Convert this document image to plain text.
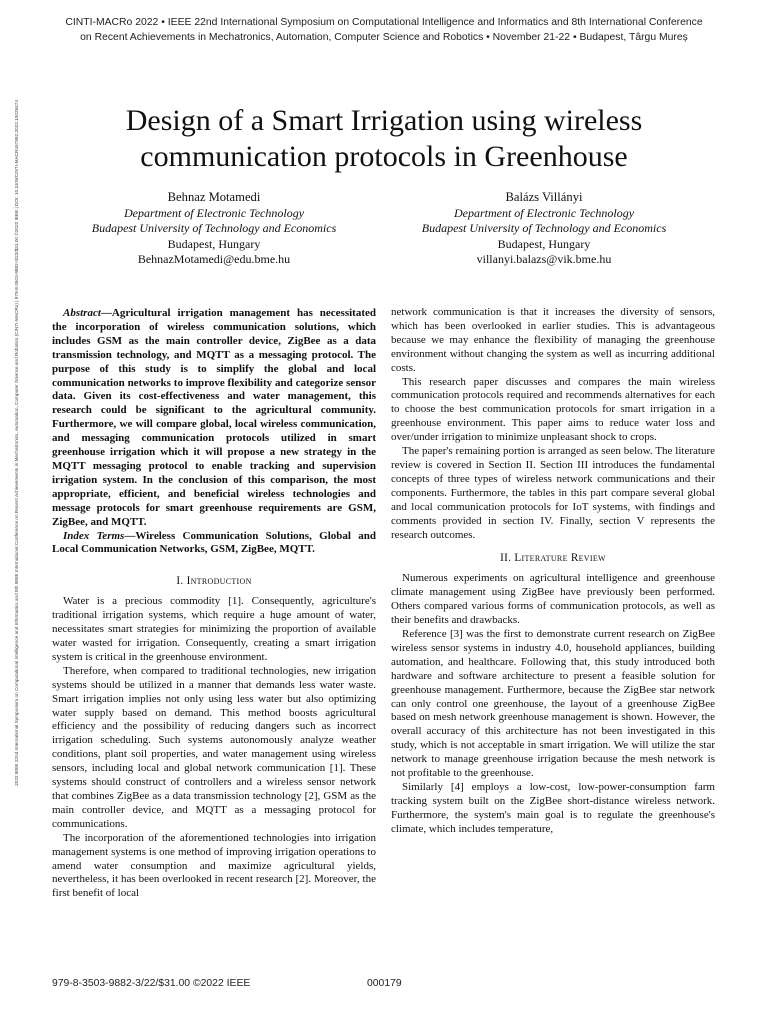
CINTI-MACRo 2022 • IEEE 22nd International Symposium on Computational Intelligence and Informatics and 8th International Conference
on Recent Achievements in Mechatronics, Automation, Computer Science and Robotics • November 21-22 • Budapest, Târgu Mureș
2022 IEEE 22nd International Symposium on Computational Intelligence and Informatics and 8th IEEE International Conference on Recent Achievements in Mechatronics, Automation, Computer Science and Robotics (CINTI-MACRo) | 979-8-3503-9882-3/22/$31.00 ©2022 IEEE | DOI: 10.1109/CINTI-MACRo57952.2022.10029474	Design of a Smart Irrigation using wireless communication protocols in Greenhouse
Behnaz Motamedi
Department of Electronic Technology
Budapest University of Technology and Economics
Budapest, Hungary
BehnazMotamedi@edu.bme.hu
Balázs Villányi
Department of Electronic Technology
Budapest University of Technology and Economics
Budapest, Hungary
villanyi.balazs@vik.bme.hu

Abstract—Agricultural irrigation management has necessitated the incorporation of wireless communication solutions, which includes GSM as the main controller device, ZigBee as a data transmission technology, and MQTT as a messaging protocol. The purpose of this study is to simplify the global and local communication networks to improve flexibility and categorize sensor data. Given its cost-effectiveness and water management, this research could be significant to the agricultural community. Furthermore, we will compare global, local wireless communication, and messaging communication protocols utilized in smart greenhouse irrigation which it will propose a new strategy in the MQTT messaging protocol to enable tracking and supervision irrigation system. In the conclusion of this comparison, the most appropriate, efficient, and beneficial wireless technologies and message protocols for smart greenhouse requirements are GSM, ZigBee, and MQTT.

Index Terms—Wireless Communication Solutions, Global and Local Communication Networks, GSM, ZigBee, MQTT.

I. Introduction

Water is a precious commodity [1]. Consequently, agriculture's traditional irrigation systems, which require a huge amount of water, necessitates smart strategies for minimizing the proportion of available water wasted for irrigation. Consequently, creating a smart irrigation system is critical in the greenhouse environment.

Therefore, when compared to traditional technologies, new irrigation systems should be utilized in a manner that demands less water waste. Smart irrigation implies not only using less water but also optimizing water supply based on demand. This method boosts agricultural efficiency and the possibility of reducing dangers such as incorrect irrigation scheduling. Such systems autonomously analyze weather conditions, plant soil properties, and water management using wireless sensors, including local and global network communication [1]. These systems should construct of controllers and a wireless sensor network that combines ZigBee as a data transmission technology [2], GSM as the main controller device, and MQTT as a messaging protocol for communications.

The incorporation of the aforementioned technologies into irrigation management systems is one method of improving irrigation operations to amend water consumption and maximize agricultural yields, nevertheless, it has been overlooked in recent research [2]. Moreover, the first benefit of local

network communication is that it increases the diversity of sensors, which has been overlooked in earlier studies. This is advantageous because we may enhance the flexibility of managing the greenhouse environment without changing the system as well as incurring additional costs.

This research paper discusses and compares the main wireless communication protocols required and recommends alternatives for each to choose the best communication protocols for smart irrigation in a greenhouse environment. This paper aims to reduce water loss and over/under irrigation to minimize unpleasant shock to crops.

The paper's remaining portion is arranged as seen below. The literature review is covered in Section II. Section III introduces the fundamental concepts of three types of wireless network communications and their components. Furthermore, the tables in this part compare several global and local communication protocols for IoT systems, with findings and comments provided in section IV. Finally, section V represents the research outcomes.

II. Literature Review

Numerous experiments on agricultural intelligence and greenhouse climate management using ZigBee have previously been performed. Others compared various forms of communication protocols, as well as their benefits and drawbacks.

Reference [3] was the first to demonstrate current research on ZigBee wireless sensor systems in industry 4.0, household appliances, building automation, and healthcare. Following that, this study introduced both hardware and software architecture to present a feasible solution for greenhouse management. Furthermore, because the ZigBee star network can only control one greenhouse, the layout of a greenhouse ZigBee based on mesh network greenhouse management is shown. However, the overall accuracy of this architecture has not been investigated in this study, which is not acceptable in smart irrigation. We will utilize the star network to manage greenhouse irrigation because the mesh network is not profitable to the greenhouse.

Similarly [4] employs a low-cost, low-power-consumption farm tracking system built on the ZigBee short-distance wireless network. Furthermore, the system's main goal is to regulate the greenhouse's climate, which includes temperature,

979-8-3503-9882-3/22/$31.00 ©2022 IEEE	000179
